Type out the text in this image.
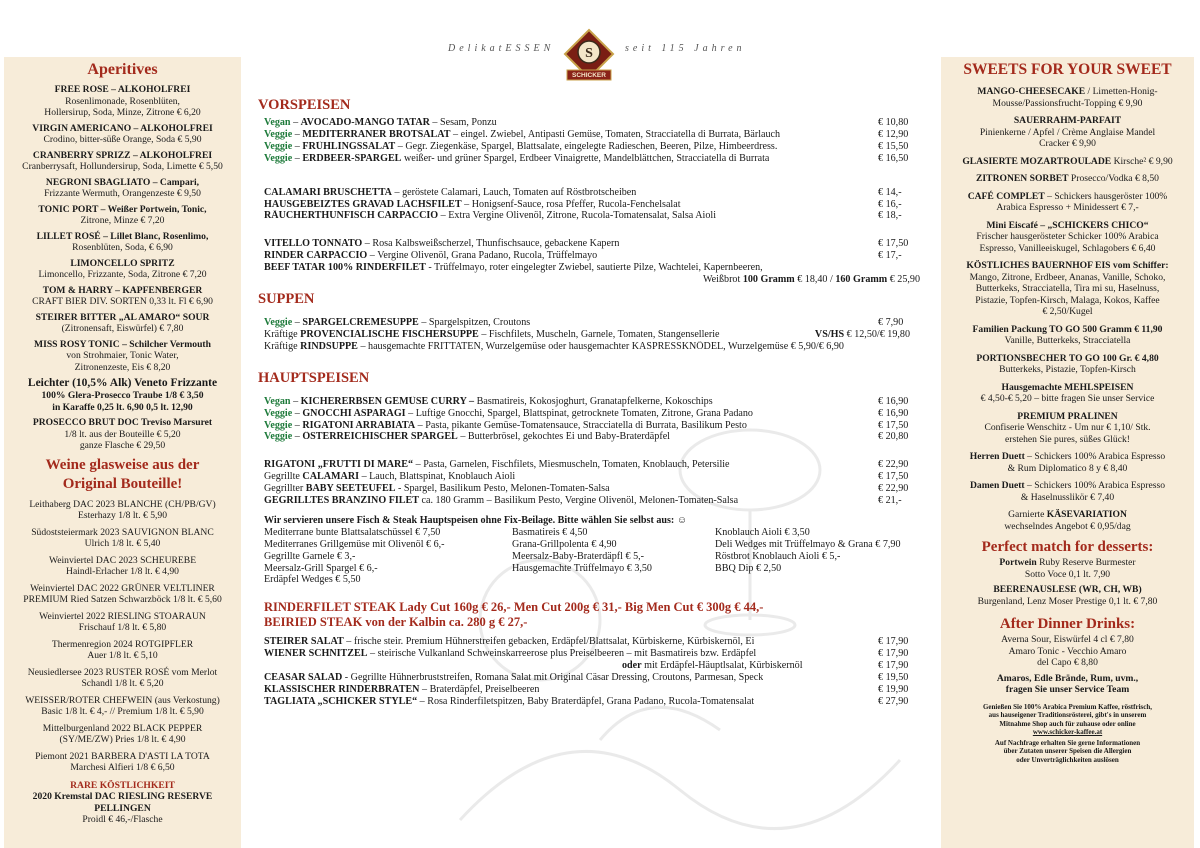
DelikatESSEN	seit 115 Jahren
S
SCHICKER
Aperitives
FREE ROSE – ALKOHOLFREI
Rosenlimonade, Rosenblüten,
Hollersirup, Soda, Minze, Zitrone € 6,20
VIRGIN AMERICANO – ALKOHOLFREI
Crodino, bitter-süße Orange, Soda € 5,90
CRANBERRY SPRIZZ – ALKOHOLFREI
Cranberrysaft, Hollundersirup, Soda, Limette € 5,50
NEGRONI SBAGLIATO – Campari,
Frizzante Wermuth, Orangenzeste € 9,50
TONIC PORT – Weißer Portwein, Tonic,
Zitrone, Minze € 7,20
LILLET ROSÉ – Lillet Blanc, Rosenlimo,
Rosenblüten, Soda, € 6,90
LIMONCELLO SPRITZ
Limoncello, Frizzante, Soda, Zitrone € 7,20
TOM & HARRY – KAPFENBERGER
CRAFT BIER DIV. SORTEN 0,33 lt. Fl € 6,90
STEIRER BITTER „AL AMARO“ SOUR
(Zitronensaft, Eiswürfel) € 7,80
MISS ROSY TONIC – Schilcher Vermouth
von Strohmaier, Tonic Water,
Zitronenzeste, Eis € 8,20
Leichter (10,5% Alk) Veneto Frizzante
100% Glera-Prosecco Traube 1/8 € 3,50
in Karaffe 0,25 lt. 6,90 0,5 lt. 12,90
PROSECCO BRUT DOC Treviso Marsuret
1/8 lt. aus der Bouteille € 5,20
ganze Flasche € 29,50
Weine glasweise aus der
Original Bouteille!
Leithaberg DAC 2023 BLANCHE (CH/PB/GV)
Esterhazy 1/8 lt. € 5,90
Südoststeiermark 2023 SAUVIGNON BLANC
Ulrich 1/8 lt. € 5,40
Weinviertel DAC 2023 SCHEUREBE
Haindl-Erlacher 1/8 lt. € 4,90
Weinviertel DAC 2022 GRÜNER VELTLINER
PREMIUM Ried Satzen Schwarzböck 1/8 lt. € 5,60
Weinviertel 2022 RIESLING STOARAUN
Frischauf 1/8 lt. € 5,80
Thermenregion 2024 ROTGIPFLER
Auer 1/8 lt. € 5,10
Neusiedlersee 2023 RUSTER ROSÉ vom Merlot
Schandl 1/8 lt. € 5,20
WEISSER/ROTER CHEFWEIN (aus Verkostung)
Basic 1/8 lt. € 4,- // Premium 1/8 lt. € 5,90
Mittelburgenland 2022 BLACK PEPPER
(SY/ME/ZW) Pries 1/8 lt. € 4,90
Piemont 2021 BARBERA D'ASTI LA TOTA
Marchesi Alfieri 1/8 € 6,50
RARE KÖSTLICHKEIT
2020 Kremstal DAC RIESLING RESERVE PELLINGEN
Proidl € 46,-/Flasche
VORSPEISEN
Vegan – AVOCADO-MANGO TATAR – Sesam, Ponzu	€ 10,80
Veggie – MEDITERRANER BROTSALAT – eingel. Zwiebel, Antipasti Gemüse, Tomaten, Stracciatella di Burrata, Bärlauch	€ 12,90
Veggie – FRÜHLINGSSALAT – Gegr. Ziegenkäse, Spargel, Blattsalate, eingelegte Radieschen, Beeren, Pilze, Himbeerdress.	€ 15,50
Veggie – ERDBEER-SPARGEL weißer- und grüner Spargel, Erdbeer Vinaigrette, Mandelblättchen, Stracciatella di Burrata	€ 16,50
CALAMARI BRUSCHETTA – geröstete Calamari, Lauch, Tomaten auf Röstbrotscheiben	€ 14,-
HAUSGEBEIZTES GRAVAD LACHSFILET – Honigsenf-Sauce, rosa Pfeffer, Rucola-Fenchelsalat	€ 16,-
RÄUCHERTHUNFISCH CARPACCIO – Extra Vergine Olivenöl, Zitrone, Rucola-Tomatensalat, Salsa Aioli	€ 18,-
VITELLO TONNATO – Rosa Kalbsweißscherzel, Thunfischsauce, gebackene Kapern	€ 17,50
RINDER CARPACCIO – Vergine Olivenöl, Grana Padano, Rucola, Trüffelmayo	€ 17,-
BEEF TATAR 100% RINDERFILET - Trüffelmayo, roter eingelegter Zwiebel, sautierte Pilze, Wachtelei, Kapernbeeren,
Weißbrot 100 Gramm € 18,40 / 160 Gramm € 25,90
SUPPEN
Veggie – SPARGELCREMESUPPE – Spargelspitzen, Croutons	€ 7,90
Kräftige PROVENCIALISCHE FISCHERSUPPE – Fischfilets, Muscheln, Garnele, Tomaten, Stangensellerie	VS/HS € 12,50/€ 19,80
Kräftige RINDSUPPE – hausgemachte FRITTATEN, Wurzelgemüse oder hausgemachter KASPRESSKNÖDEL, Wurzelgemüse € 5,90/€ 6,90
HAUPTSPEISEN
Vegan – KICHERERBSEN GEMÜSE CURRY – Basmatireis, Kokosjoghurt, Granatapfelkerne, Kokoschips	€ 16,90
Veggie – GNOCCHI ASPARAGI – Luftige Gnocchi, Spargel, Blattspinat, getrocknete Tomaten, Zitrone, Grana Padano	€ 16,90
Veggie – RIGATONI ARRABIATA – Pasta, pikante Gemüse-Tomatensauce, Stracciatella di Burrata, Basilikum Pesto	€ 17,50
Veggie – ÖSTERREICHISCHER SPARGEL – Butterbrösel, gekochtes Ei und Baby-Braterdäpfel	€ 20,80
RIGATONI „FRUTTI DI MARE“ – Pasta, Garnelen, Fischfilets, Miesmuscheln, Tomaten, Knoblauch, Petersilie	€ 22,90
Gegrillte CALAMARI – Lauch, Blattspinat, Knoblauch Aioli	€ 17,50
Gegrillter BABY SEETEUFEL - Spargel, Basilikum Pesto, Melonen-Tomaten-Salsa	€ 22,90
GEGRILLTES BRANZINO FILET ca. 180 Gramm – Basilikum Pesto, Vergine Olivenöl, Melonen-Tomaten-Salsa	€ 21,-
Wir servieren unsere Fisch & Steak Hauptspeisen ohne Fix-Beilage. Bitte wählen Sie selbst aus: ☺
Mediterrane bunte Blattsalatschüssel € 7,50
Mediterranes Grillgemüse mit Olivenöl € 6,-
Gegrillte Garnele € 3,-
Meersalz-Grill Spargel € 6,-
Erdäpfel Wedges € 5,50
Basmatireis € 4,50
Grana-Grillpolenta € 4,90
Meersalz-Baby-Braterdäpfl € 5,-
Hausgemachte Trüffelmayo € 3,50
Knoblauch Aioli € 3,50
Deli Wedges mit Trüffelmayo & Grana € 7,90
Röstbrot Knoblauch Aioli € 5,-
BBQ Dip € 2,50
RINDERFILET STEAK Lady Cut 160g € 26,- Men Cut 200g € 31,- Big Men Cut € 300g € 44,-
BEIRIED STEAK von der Kalbin ca. 280 g € 27,-
STEIRER SALAT – frische steir. Premium Hühnerstreifen gebacken, Erdäpfel/Blattsalat, Kürbiskerne, Kürbiskernöl, Ei	€ 17,90
WIENER SCHNITZEL – steirische Vulkanland Schweinskarreerose plus Preiselbeeren – mit Basmatireis bzw. Erdäpfel	€ 17,90
oder mit Erdäpfel-Häuptlsalat, Kürbiskernöl	€ 17,90
CEASAR SALAD - Gegrillte Hühnerbruststreifen, Romana Salat mit Original Cäsar Dressing, Croutons, Parmesan, Speck	€ 19,50
KLASSISCHER RINDERBRATEN – Braterdäpfel, Preiselbeeren	€ 19,90
TAGLIATA „SCHICKER STYLE“ – Rosa Rinderfiletspitzen, Baby Braterdäpfel, Grana Padano, Rucola-Tomatensalat	€ 27,90
SWEETS FOR YOUR SWEET
MANGO-CHEESECAKE / Limetten-Honig-
Mousse/Passionsfrucht-Topping € 9,90
SAUERRAHM-PARFAIT
Pinienkerne / Apfel / Crème Anglaise Mandel
Cracker € 9,90
GLASIERTE MOZARTROULADE Kirsche² € 9,90
ZITRONEN SORBET Prosecco/Vodka € 8,50
CAFÉ COMPLET – Schickers hausgeröster 100%
Arabica Espresso + Minidessert € 7,-
Mini Eiscafé – „SCHICKERS CHICO“
Frischer hausgerösteter Schicker 100% Arabica
Espresso, Vanilleeiskugel, Schlagobers € 6,40
KÖSTLICHES BAUERNHOF EIS vom Schiffer:
Mango, Zitrone, Erdbeer, Ananas, Vanille, Schoko,
Butterkeks, Stracciatella, Tira mi su, Haselnuss,
Pistazie, Topfen-Kirsch, Malaga, Kokos, Kaffee
€ 2,50/Kugel
Familien Packung TO GO 500 Gramm € 11,90
Vanille, Butterkeks, Stracciatella
PORTIONSBECHER TO GO 100 Gr. € 4,80
Butterkeks, Pistazie, Topfen-Kirsch
Hausgemachte MEHLSPEISEN
€ 4,50-€ 5,20 – bitte fragen Sie unser Service
PREMIUM PRALINEN
Confiserie Wenschitz - Um nur € 1,10/ Stk.
erstehen Sie pures, süßes Glück!
Herren Duett – Schickers 100% Arabica Espresso
& Rum Diplomatico 8 y € 8,40
Damen Duett – Schickers 100% Arabica Espresso
& Haselnusslikör € 7,40
Garnierte KÄSEVARIATION
wechselndes Angebot € 0,95/dag
Perfect match for desserts:
Portwein Ruby Reserve Burmester
Sotto Voce 0,1 lt. 7,90
BEERENAUSLESE (WR, CH, WB)
Burgenland, Lenz Moser Prestige 0,1 lt. € 7,80
After Dinner Drinks:
Averna Sour, Eiswürfel 4 cl € 7,80
Amaro Tonic - Vecchio Amaro
del Capo € 8,80
Amaros, Edle Brände, Rum, uvm.,
fragen Sie unser Service Team
Genießen Sie 100% Arabica Premium Kaffee, röstfrisch,
aus hauseigener Traditionsrösterei, gibt's in unserem
Mitnahme Shop auch für zuhause oder online
www.schicker-kaffee.at
Auf Nachfrage erhalten Sie gerne Informationen
über Zutaten unserer Speisen die Allergien
oder Unverträglichkeiten auslösen
